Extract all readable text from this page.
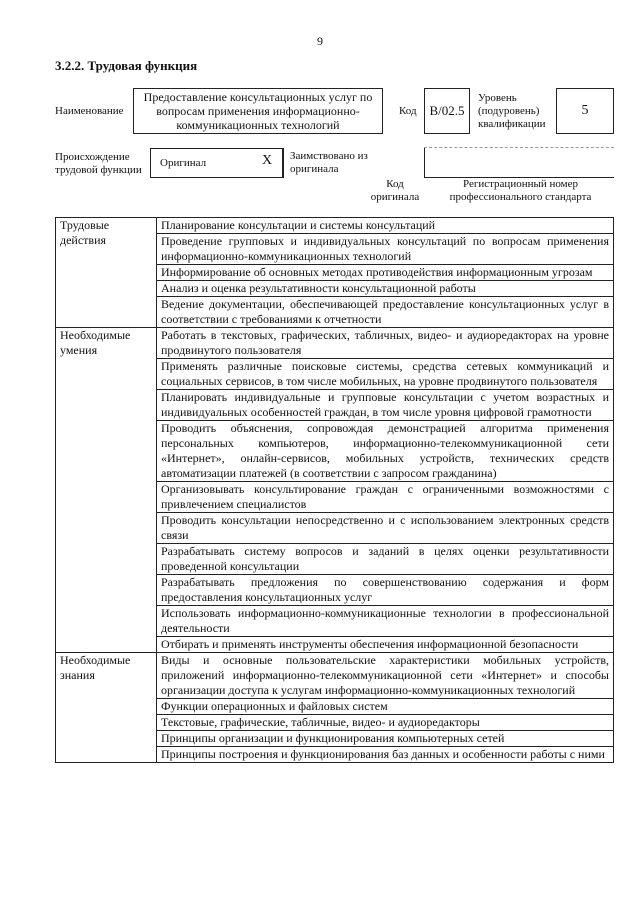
9
3.2.2. Трудовая функция
Наименование
Предоставление консультационных услуг по вопросам применения информационно-коммуникационных технологий
Код B/02.5
Уровень (подуровень) квалификации
5
Происхождение трудовой функции
Оригинал	X Заимствовано из оригинала
Код оригинала
Регистрационный номер профессионального стандарта
Трудовые действия	Планирование консультации и системы консультаций
	Проведение групповых и индивидуальных консультаций по вопросам применения информационно-коммуникационных технологий
	Информирование об основных методах противодействия информационным угрозам
	Анализ и оценка результативности консультационной работы
	Ведение документации, обеспечивающей предоставление консультационных услуг в соответствии с требованиями к отчетности
Необходимые умения	Работать в текстовых, графических, табличных, видео- и аудиоредакторах на уровне продвинутого пользователя
	Применять различные поисковые системы, средства сетевых коммуникаций и социальных сервисов, в том числе мобильных, на уровне продвинутого пользователя
	Планировать индивидуальные и групповые консультации с учетом возрастных и индивидуальных особенностей граждан, в том числе уровня цифровой грамотности
	Проводить объяснения, сопровождая демонстрацией алгоритма применения персональных компьютеров, информационно-телекоммуникационной сети «Интернет», онлайн-сервисов, мобильных устройств, технических средств автоматизации платежей (в соответствии с запросом гражданина)
	Организовывать консультирование граждан с ограниченными возможностями с привлечением специалистов
	Проводить консультации непосредственно и с использованием электронных средств связи
	Разрабатывать систему вопросов и заданий в целях оценки результативности проведенной консультации
	Разрабатывать предложения по совершенствованию содержания и форм предоставления консультационных услуг
	Использовать информационно-коммуникационные технологии в профессиональной деятельности
	Отбирать и применять инструменты обеспечения информационной безопасности
Необходимые знания	Виды и основные пользовательские характеристики мобильных устройств, приложений информационно-телекоммуникационной сети «Интернет» и способы организации доступа к услугам информационно-коммуникационных технологий
	Функции операционных и файловых систем
	Текстовые, графические, табличные, видео- и аудиоредакторы
	Принципы организации и функционирования компьютерных сетей
	Принципы построения и функционирования баз данных и особенности работы с ними
